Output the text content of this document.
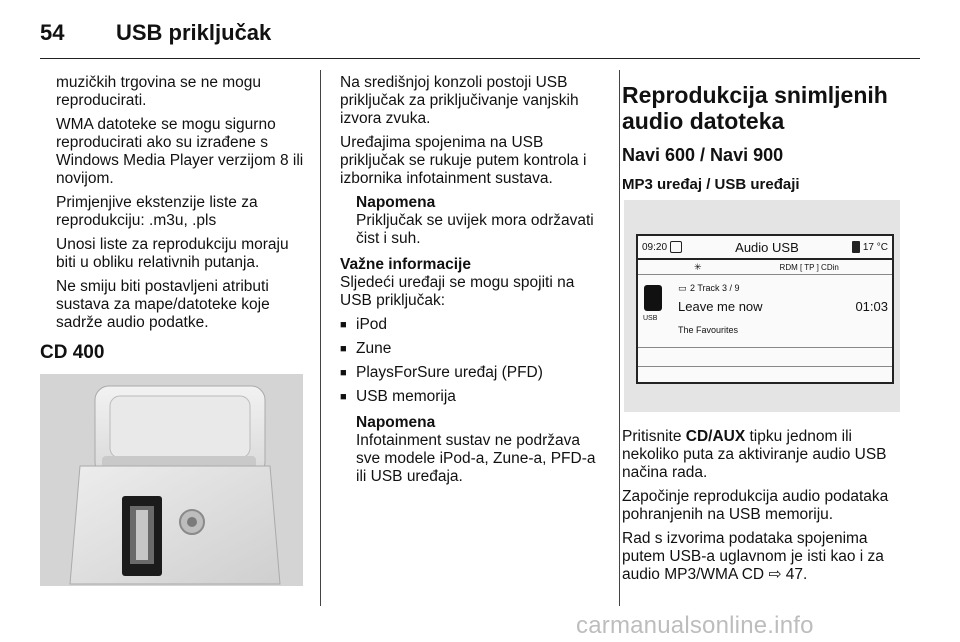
54	USB priključak

muzičkih trgovina se ne mogu reproducirati.

WMA datoteke se mogu sigurno reproducirati ako su izrađene s Windows Media Player verzijom 8 ili novijom.

Primjenjive ekstenzije liste za reprodukciju: .m3u, .pls

Unosi liste za reprodukciju moraju biti u obliku relativnih putanja.

Ne smiju biti postavljeni atributi sustava za mape/datoteke koje sadrže audio podatke.

CD 400

Na središnjoj konzoli postoji USB priključak za priključivanje vanjskih izvora zvuka.

Uređajima spojenima na USB priključak se rukuje putem kontrola i izbornika infotainment sustava.

Napomena

Priključak se uvijek mora održavati čist i suh.

Važne informacije

Sljedeći uređaji se mogu spojiti na USB priključak:

■ iPod
■ Zune
■ PlaysForSure uređaj (PFD)
■ USB memorija
Napomena

Infotainment sustav ne podržava sve modele iPod-a, Zune-a, PFD-a ili USB uređaja.

Reprodukcija snimljenih audio datoteka
Navi 600 / Navi 900
MP3 uređaj / USB uređaji
09:20	Audio USB	17 °C
✳	RDM [ TP ] CDin
USB
▭ 2 Track 3 / 9
Leave me now	01:03
The Favourites

Pritisnite CD/AUX tipku jednom ili nekoliko puta za aktiviranje audio USB načina rada.

Započinje reprodukcija audio podataka pohranjenih na USB memoriju.

Rad s izvorima podataka spojenima putem USB-a uglavnom je isti kao i za audio MP3/WMA CD ⇨ 47.

carmanualsonline.info
